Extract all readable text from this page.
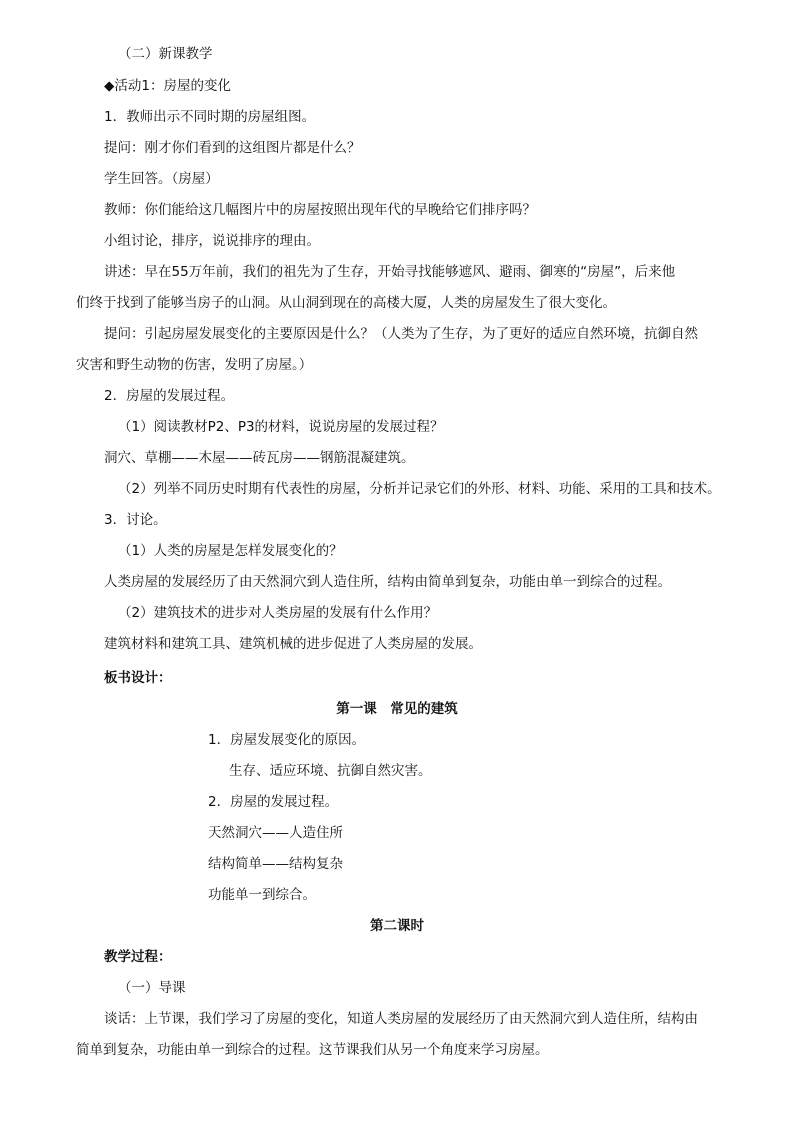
（二）新课教学
◆活动1：房屋的变化
1．教师出示不同时期的房屋组图。
提问：刚才你们看到的这组图片都是什么？
学生回答。（房屋）
教师：你们能给这几幅图片中的房屋按照出现年代的早晚给它们排序吗？
小组讨论，排序，说说排序的理由。
讲述：早在55万年前，我们的祖先为了生存，开始寻找能够遮风、避雨、御寒的“房屋”，后来他
们终于找到了能够当房子的山洞。从山洞到现在的高楼大厦，人类的房屋发生了很大变化。
提问：引起房屋发展变化的主要原因是什么？（人类为了生存，为了更好的适应自然环境，抗御自然
灾害和野生动物的伤害，发明了房屋。）
2．房屋的发展过程。
（1）阅读教材P2、P3的材料，说说房屋的发展过程？
洞穴、草棚——木屋——砖瓦房——钢筋混凝建筑。
（2）列举不同历史时期有代表性的房屋，分析并记录它们的外形、材料、功能、采用的工具和技术。
3．讨论。
（1）人类的房屋是怎样发展变化的？
人类房屋的发展经历了由天然洞穴到人造住所，结构由简单到复杂，功能由单一到综合的过程。
（2）建筑技术的进步对人类房屋的发展有什么作用？
建筑材料和建筑工具、建筑机械的进步促进了人类房屋的发展。
板书设计：
第一课　常见的建筑
1．房屋发展变化的原因。
生存、适应环境、抗御自然灾害。
2．房屋的发展过程。
天然洞穴——人造住所
结构简单——结构复杂
功能单一到综合。
第二课时
教学过程：
（一）导课
谈话：上节课，我们学习了房屋的变化，知道人类房屋的发展经历了由天然洞穴到人造住所，结构由
简单到复杂，功能由单一到综合的过程。这节课我们从另一个角度来学习房屋。
